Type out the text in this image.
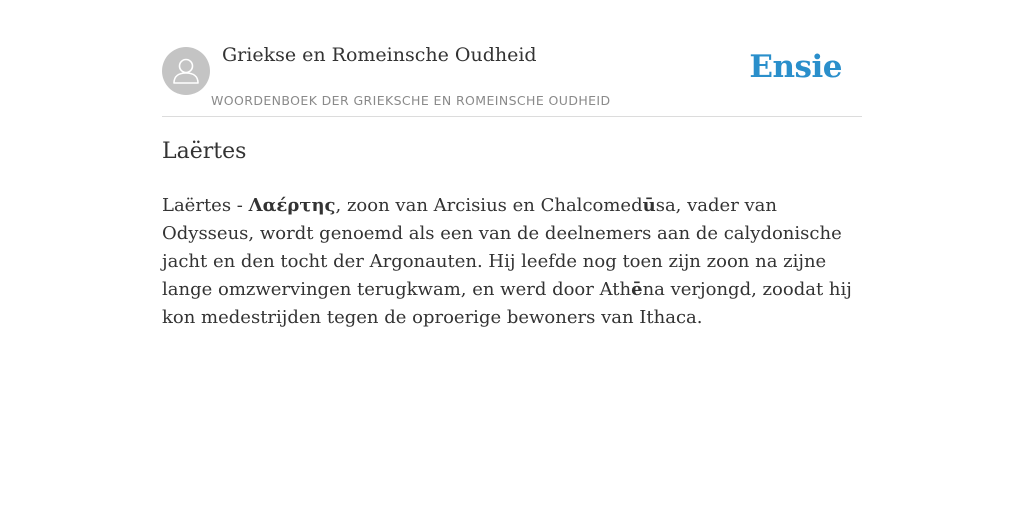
Griekse en Romeinsche Oudheid
WOORDENBOEK DER GRIEKSCHE EN ROMEINSCHE OUDHEID
Ensie
Laërtes

Laërtes - Λαέρτης, zoon van Arcisius en Chalcomedūsa, vader van Odysseus, wordt genoemd als een van de deelnemers aan de calydonische jacht en den tocht der Argonauten. Hij leefde nog toen zijn zoon na zijne lange omzwervingen terugkwam, en werd door Athēna verjongd, zoodat hij kon medestrijden tegen de oproerige bewoners van Ithaca.
